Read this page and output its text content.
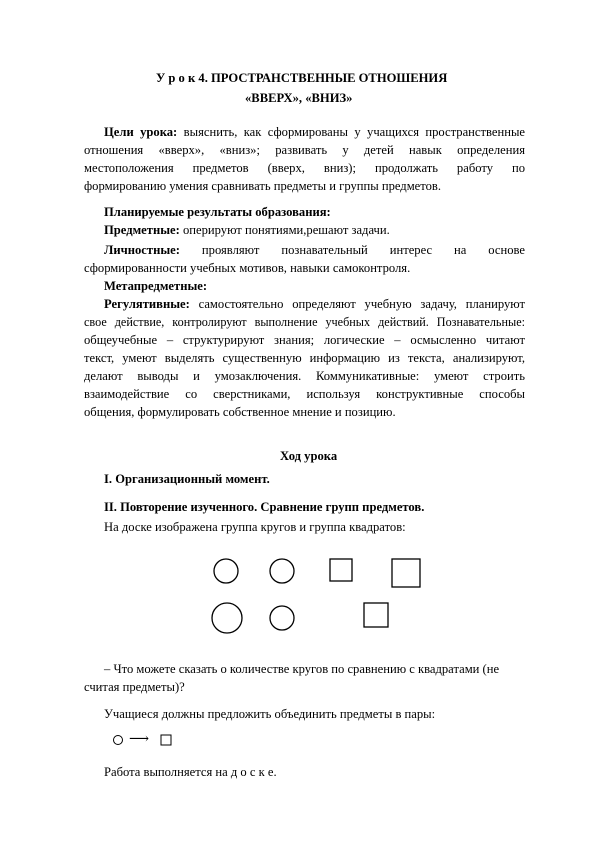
У р о к 4. ПРОСТРАНСТВЕННЫЕ ОТНОШЕНИЯ
«ВВЕРХ», «ВНИЗ»
Цели урока: выяснить, как сформированы у учащихся пространственные
отношения «вверх», «вниз»; развивать у детей навык определения
местоположения предметов (вверх, вниз); продолжать работу по
формированию умения сравнивать предметы и группы предметов.
Планируемые результаты образования:
Предметные: оперируют понятиями,решают задачи.
Личностные: проявляют познавательный интерес на основе
сформированности учебных мотивов, навыки самоконтроля.
Метапредметные:
Регулятивные: самостоятельно определяют учебную задачу, планируют
свое действие, контролируют выполнение учебных действий. Познавательные:
общеучебные – структурируют знания; логические – осмысленно читают
текст, умеют выделять существенную информацию из текста, анализируют,
делают выводы и умозаключения. Коммуникативные: умеют строить
взаимодействие со сверстниками, используя конструктивные способы
общения, формулировать собственное мнение и позицию.
Ход урока
I. Организационный момент.
II. Повторение изученного. Сравнение групп предметов.
На доске изображена группа кругов и группа квадратов:
– Что можете сказать о количестве кругов по сравнению с квадратами (не
считая предметы)?
Учащиеся должны предложить объединить предметы в пары:
⟶
Работа выполняется на д о с к е.
